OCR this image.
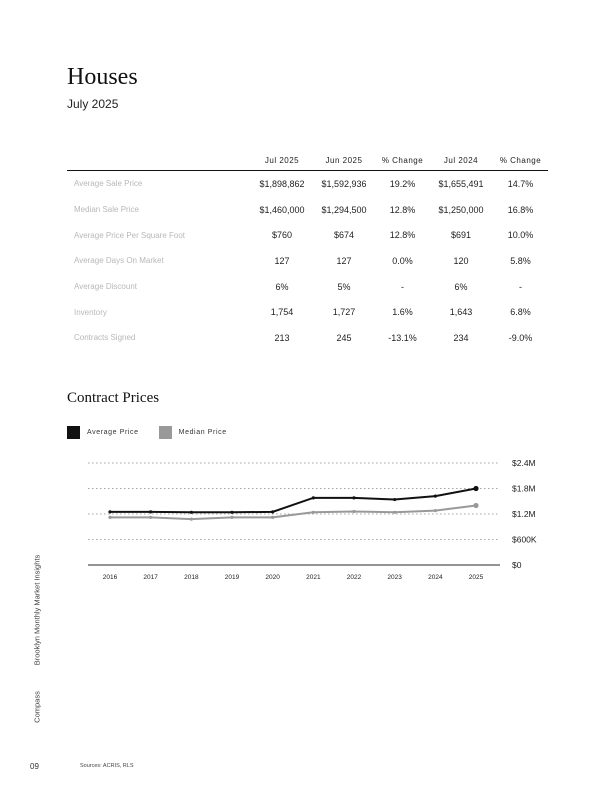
Houses
July 2025
	Jul 2025	Jun 2025	% Change	Jul 2024	% Change
Average Sale Price	$1,898,862	$1,592,936	19.2%	$1,655,491	14.7%
Median Sale Price	$1,460,000	$1,294,500	12.8%	$1,250,000	16.8%
Average Price Per Square Foot	$760	$674	12.8%	$691	10.0%
Average Days On Market	127	127	0.0%	120	5.8%
Average Discount	6%	5%	-	6%	-
Inventory	1,754	1,727	1.6%	1,643	6.8%
Contracts Signed	213	245	-13.1%	234	-9.0%
Contract Prices
Average Price	Median Price
$0
$600K
$1.2M
$1.8M
$2.4M
2016	2017	2018	2019	2020	2021	2022	2023	2024	2025
Brooklyn Monthly Market Insights
Compass
09	Sources: ACRIS, RLS
